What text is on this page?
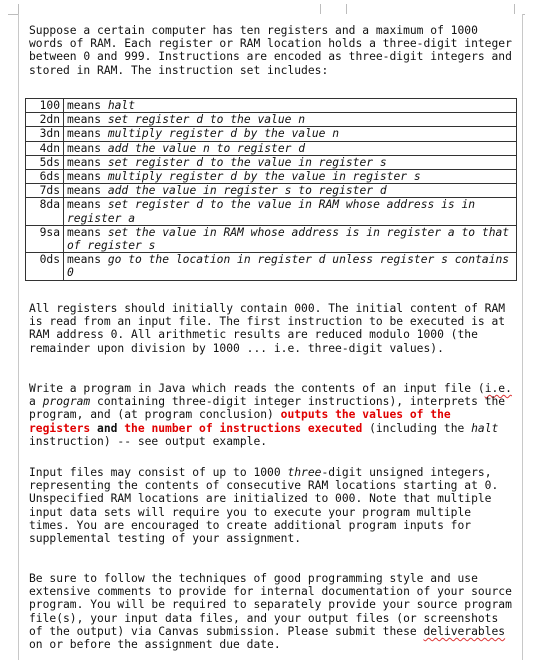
Suppose a certain computer has ten registers and a maximum of 1000 words of RAM. Each register or RAM location holds a three-digit integer between 0 and 999. Instructions are encoded as three-digit integers and stored in RAM. The instruction set includes:

100 means halt
2dn means set register d to the value n
3dn means multiply register d by the value n
4dn means add the value n to register d
5ds means set register d to the value in register s
6ds means multiply register d by the value in register s
7ds means add the value in register s to register d
8da means set register d to the value in RAM whose address is in register a
9sa means set the value in RAM whose address is in register a to that of register s
0ds means go to the location in register d unless register s contains 0

All registers should initially contain 000. The initial content of RAM is read from an input file. The first instruction to be executed is at RAM address 0. All arithmetic results are reduced modulo 1000 (the remainder upon division by 1000 ... i.e. three-digit values).

Write a program in Java which reads the contents of an input file (i.e. a program containing three-digit integer instructions), interprets the program, and (at program conclusion) outputs the values of the registers and the number of instructions executed (including the halt instruction) -- see output example.

Input files may consist of up to 1000 three-digit unsigned integers, representing the contents of consecutive RAM locations starting at 0. Unspecified RAM locations are initialized to 000. Note that multiple input data sets will require you to execute your program multiple times. You are encouraged to create additional program inputs for supplemental testing of your assignment.

Be sure to follow the techniques of good programming style and use extensive comments to provide for internal documentation of your source program. You will be required to separately provide your source program file(s), your input data files, and your output files (or screenshots of the output) via Canvas submission. Please submit these deliverables on or before the assignment due date.
